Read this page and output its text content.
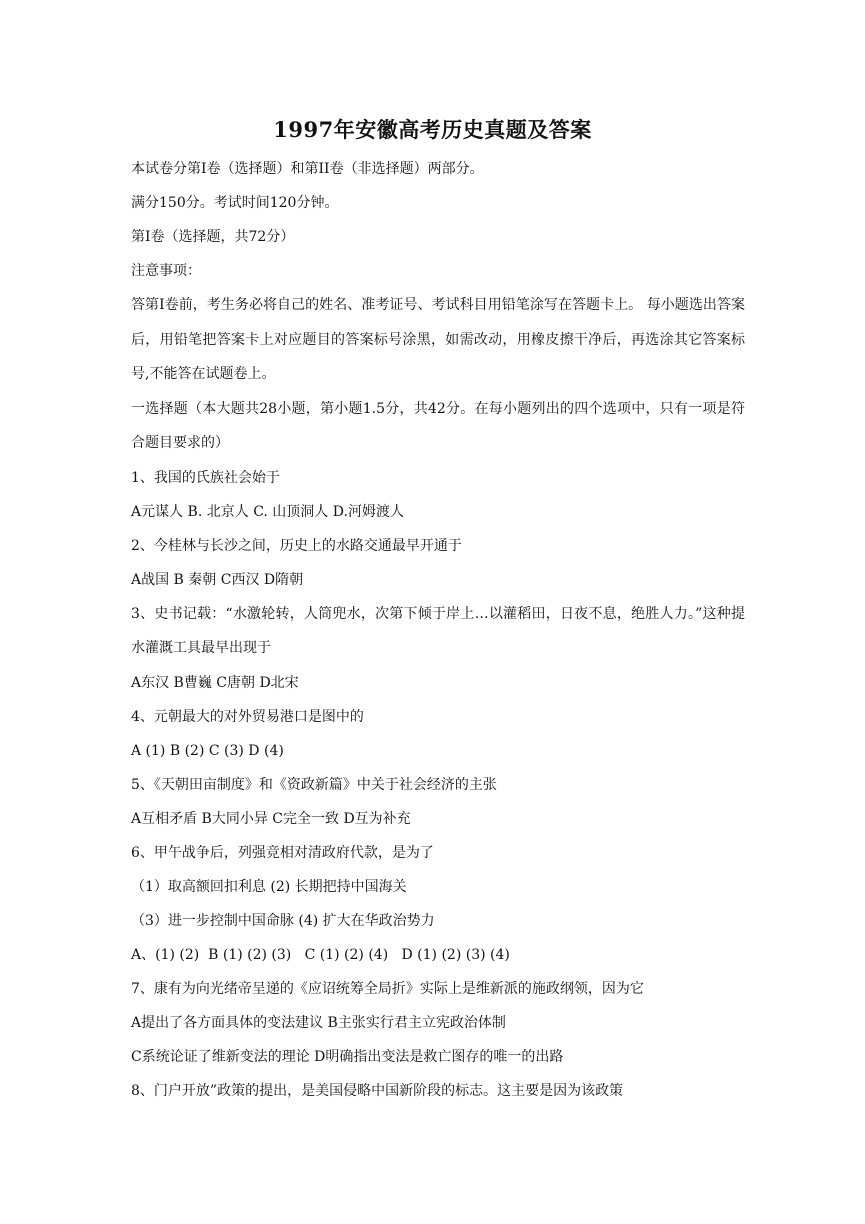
1997年安徽高考历史真题及答案

本试卷分第Ⅰ卷（选择题）和第II卷（非选择题）两部分。

满分150分。考试时间120分钟。

第Ⅰ卷（选择题，共72分）

注意事项：

答第Ⅰ卷前，考生务必将自己的姓名、准考证号、考试科目用铅笔涂写在答题卡上。 每小题选出答案后，用铅笔把答案卡上对应题目的答案标号涂黑，如需改动，用橡皮擦干净后，再选涂其它答案标号,不能答在试题卷上。

一选择题（本大题共28小题，第小题1.5分，共42分。在每小题列出的四个选项中，只有一项是符合题目要求的）

1、我国的氏族社会始于

A元谋人 B. 北京人 C. 山顶洞人 D.河姆渡人

2、今桂林与长沙之间，历史上的水路交通最早开通于

A战国 B 秦朝 C西汉 D隋朝

3、史书记载：“水激轮转，人筒兜水，次第下倾于岸上…以灌稻田，日夜不息，绝胜人力。”这种提水灌溉工具最早出现于

A东汉 B曹巍 C唐朝 D北宋

4、元朝最大的对外贸易港口是图中的

A (1) B (2) C (3) D (4)

5、《天朝田亩制度》和《资政新篇》中关于社会经济的主张

A互相矛盾 B大同小异 C完全一致 D互为补充

6、甲午战争后，列强竞相对清政府代款，是为了

（1）取高额回扣利息 (2) 长期把持中国海关

（3）进一步控制中国命脉 (4) 扩大在华政治势力

A、(1) (2)  B (1) (2) (3)   C (1) (2) (4)   D (1) (2) (3) (4)

7、康有为向光绪帝呈递的《应诏统筹全局折》实际上是维新派的施政纲领，因为它

A提出了各方面具体的变法建议 B主张实行君主立宪政治体制

C系统论证了维新变法的理论 D明确指出变法是救亡图存的唯一的出路

8、门户开放”政策的提出，是美国侵略中国新阶段的标志。这主要是因为该政策
